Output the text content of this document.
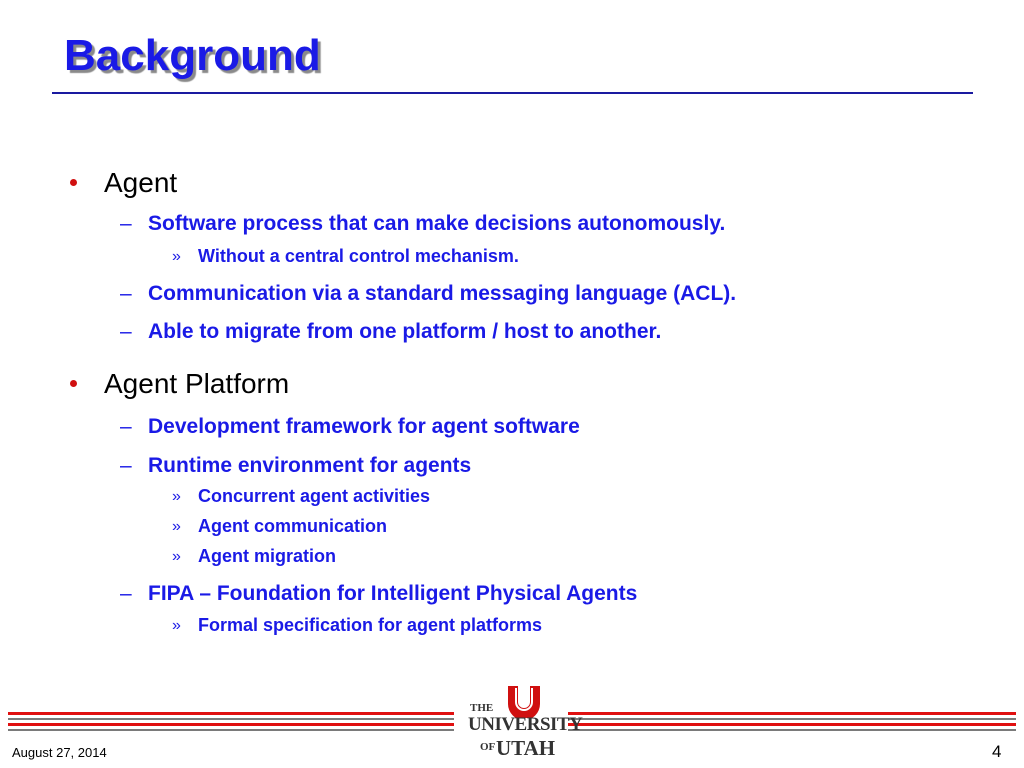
Background
Agent
– Software process that can make decisions autonomously.
» Without a central control mechanism.
– Communication via a standard messaging language (ACL).
– Able to migrate from one platform / host to another.
Agent Platform
– Development framework for agent software
– Runtime environment for agents
» Concurrent agent activities
» Agent communication
» Agent migration
– FIPA – Foundation for Intelligent Physical Agents
» Formal specification for agent platforms
THE
UNIVERSITY
OF UTAH
August 27, 2014	4
